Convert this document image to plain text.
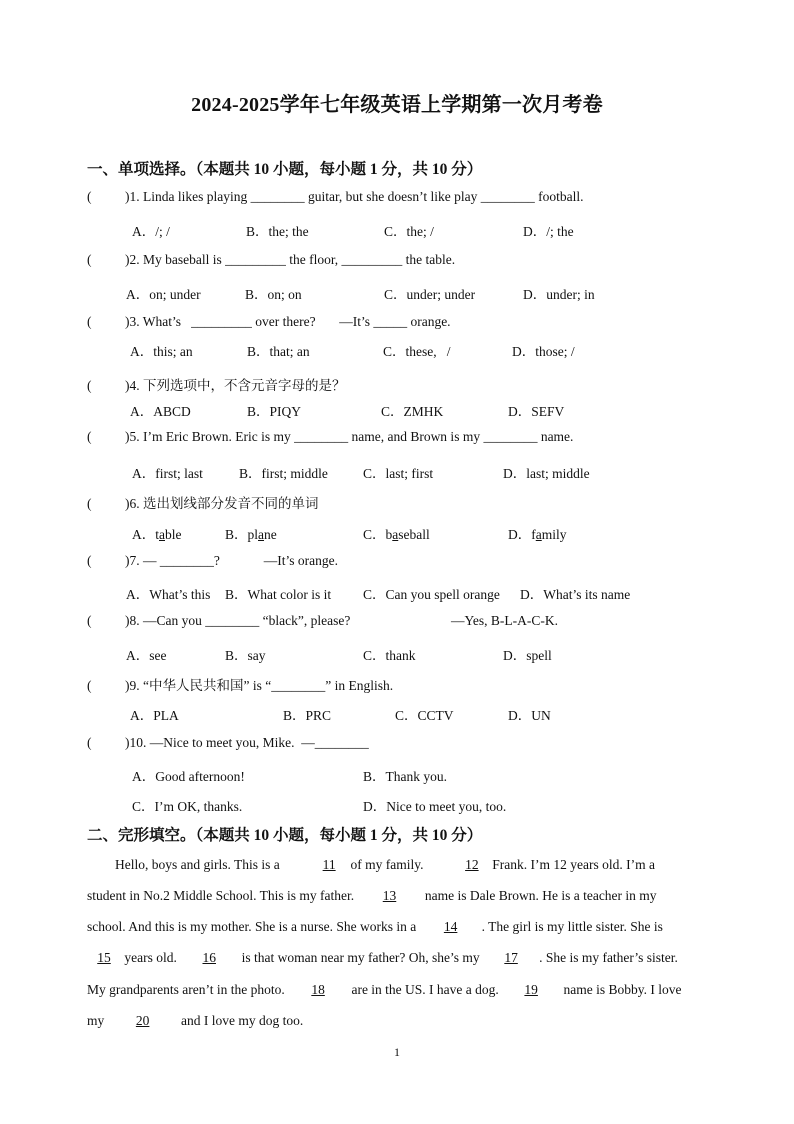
2024-2025学年七年级英语上学期第一次月考卷
一、单项选择。（本题共 10 小题，每小题 1 分，共 10 分）
( )1. Linda likes playing ________ guitar, but she doesn’t like play ________ football.
A．/; /	B．the; the	C．the; /	D．/; the
( )2. My baseball is _________ the floor, _________ the table.
A．on; under	B．on; on	C．under; under	D．under; in
( )3. What’s   _________ over there?       —It’s _____ orange.
A．this; an	B．that; an	C．these,   /	D．those; /
( )4. 下列选项中，不含元音字母的是？
A．ABCD	B．PIQY	C．ZMHK	D．SEFV
( )5. I’m Eric Brown. Eric is my ________ name, and Brown is my ________ name.
A．first; last	B．first; middle	C．last; first	D．last; middle
( )6. 选出划线部分发音不同的单词
A．table	B．plane	C．baseball	D．family
( )7. — ________?             —It’s orange.
A．What’s this B．What color is it C．Can you spell orange D．What’s its name
( )8. —Can you ________ “black”, please?	—Yes, B-L-A-C-K.
A．see	B．say	C．thank	D．spell
( )9. “中华人民共和国” is “________” in English.
A．PLA	B．PRC	C．CCTV	D．UN
( )10. —Nice to meet you, Mike.  —________
A．Good afternoon!	B．Thank you.
C．I’m OK, thanks.	D．Nice to meet you, too.
二、完形填空。（本题共 10 小题，每小题 1 分，共 10 分）
Hello, boys and girls. This is a	11 of my family.	12 Frank. I’m 12 years old. I’m a
student in No.2 Middle School. This is my father. 13 name is Dale Brown. He is a teacher in my
school. And this is my mother. She is a nurse. She works in a 14 . The girl is my little sister. She is
15 years old. 16 is that woman near my father? Oh, she’s my 17 . She is my father’s sister.
My grandparents aren’t in the photo. 18 are in the US. I have a dog. 19 name is Bobby. I love
my 20 and I love my dog too.
1
